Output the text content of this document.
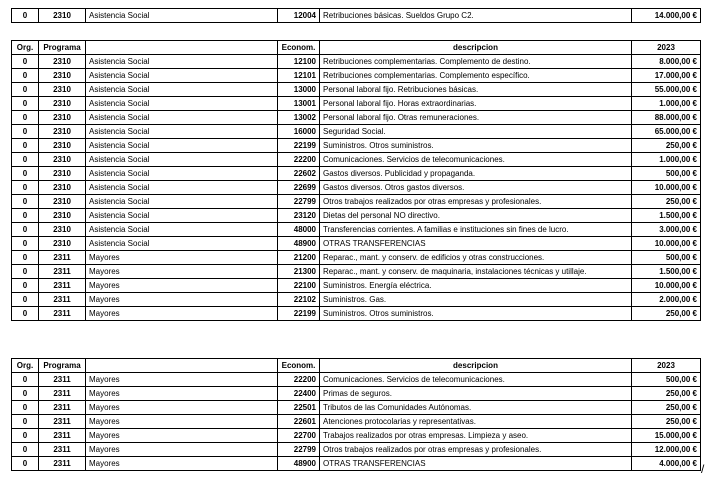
0	2310	Asistencia Social	12004	Retribuciones básicas. Sueldos Grupo C2.	14.000,00 €
Org.	Programa		Econom.	descripcion	2023
0	2310	Asistencia Social	12100	Retribuciones complementarias. Complemento de destino.	8.000,00 €
0	2310	Asistencia Social	12101	Retribuciones complementarias. Complemento específico.	17.000,00 €
0	2310	Asistencia Social	13000	Personal laboral fijo. Retribuciones básicas.	55.000,00 €
0	2310	Asistencia Social	13001	Personal laboral fijo. Horas extraordinarias.	1.000,00 €
0	2310	Asistencia Social	13002	Personal laboral fijo. Otras remuneraciones.	88.000,00 €
0	2310	Asistencia Social	16000	Seguridad Social.	65.000,00 €
0	2310	Asistencia Social	22199	Suministros. Otros suministros.	250,00 €
0	2310	Asistencia Social	22200	Comunicaciones. Servicios de telecomunicaciones.	1.000,00 €
0	2310	Asistencia Social	22602	Gastos diversos. Publicidad y propaganda.	500,00 €
0	2310	Asistencia Social	22699	Gastos diversos. Otros gastos diversos.	10.000,00 €
0	2310	Asistencia Social	22799	Otros trabajos realizados por otras empresas y profesionales.	250,00 €
0	2310	Asistencia Social	23120	Dietas del personal NO directivo.	1.500,00 €
0	2310	Asistencia Social	48000	Transferencias corrientes. A familias e instituciones sin fines de lucro.	3.000,00 €
0	2310	Asistencia Social	48900	OTRAS TRANSFERENCIAS	10.000,00 €
0	2311	Mayores	21200	Reparac., mant. y conserv. de edificios y otras construcciones.	500,00 €
0	2311	Mayores	21300	Reparac., mant. y conserv. de maquinaria, instalaciones técnicas y utillaje.	1.500,00 €
0	2311	Mayores	22100	Suministros. Energía eléctrica.	10.000,00 €
0	2311	Mayores	22102	Suministros. Gas.	2.000,00 €
0	2311	Mayores	22199	Suministros. Otros suministros.	250,00 €
Org.	Programa		Econom.	descripcion	2023
0	2311	Mayores	22200	Comunicaciones. Servicios de telecomunicaciones.	500,00 €
0	2311	Mayores	22400	Primas de seguros.	250,00 €
0	2311	Mayores	22501	Tributos de las Comunidades Autónomas.	250,00 €
0	2311	Mayores	22601	Atenciones protocolarias y representativas.	250,00 €
0	2311	Mayores	22700	Trabajos realizados por otras empresas. Limpieza y aseo.	15.000,00 €
0	2311	Mayores	22799	Otros trabajos realizados por otras empresas y profesionales.	12.000,00 €
0	2311	Mayores	48900	OTRAS TRANSFERENCIAS	4.000,00 € /
